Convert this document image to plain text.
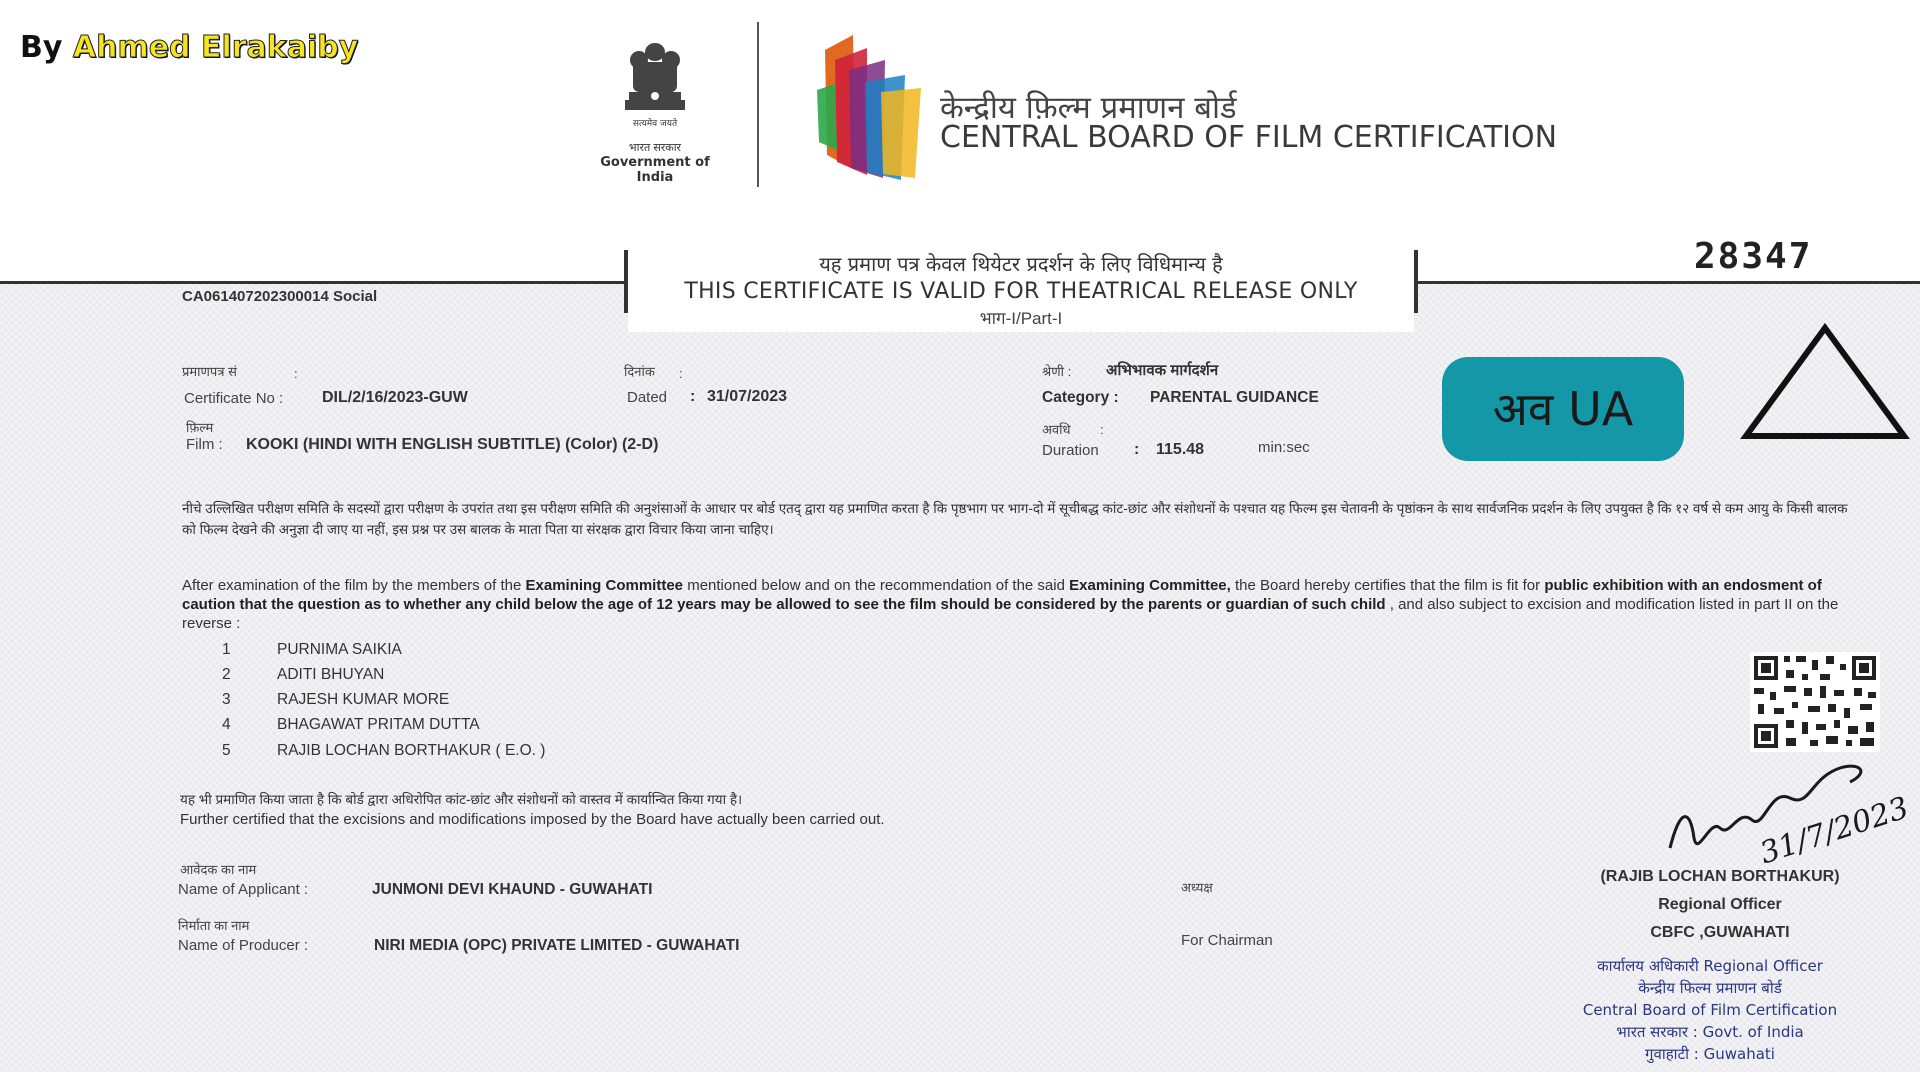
By Ahmed Elrakaiby
सत्यमेव जयते
भारत सरकार
Government of India
केन्द्रीय फ़िल्म प्रमाणन बोर्ड
CENTRAL BOARD OF FILM CERTIFICATION
यह प्रमाण पत्र केवल थियेटर प्रदर्शन के लिए विधिमान्य है
THIS CERTIFICATE IS VALID FOR THEATRICAL RELEASE ONLY
भाग-I/Part-I
28347
CA061407202300014 Social
प्रमाणपत्र सं	:
Certificate No : DIL/2/16/2023-GUW
दिनांक :
Dated : 31/07/2023
श्रेणी : अभिभावक मार्गदर्शन
Category : PARENTAL GUIDANCE
फ़िल्म
Film : KOOKI (HINDI WITH ENGLISH SUBTITLE) (Color) (2-D)
अवधि :
Duration : 115.48	min:sec
अव UA
नीचे उल्लिखित परीक्षण समिति के सदस्यों द्वारा परीक्षण के उपरांत तथा इस परीक्षण समिति की अनुशंसाओं के आधार पर बोर्ड एतद् द्वारा यह प्रमाणित करता है कि पृष्ठभाग पर भाग-दो में सूचीबद्ध कांट-छांट और संशोधनों के पश्चात यह फिल्म इस चेतावनी के पृष्ठांकन के साथ सार्वजनिक प्रदर्शन के लिए उपयुक्त है कि १२ वर्ष से कम आयु के किसी बालक को फिल्म देखने की अनुज्ञा दी जाए या नहीं, इस प्रश्न पर उस बालक के माता पिता या संरक्षक द्वारा विचार किया जाना चाहिए।
After examination of the film by the members of the Examining Committee mentioned below and on the recommendation of the said Examining Committee, the Board hereby certifies that the film is fit for public exhibition with an endosment of caution that the question as to whether any child below the age of 12 years may be allowed to see the film should be considered by the parents or guardian of such child , and also subject to excision and modification listed in part II on the reverse :
1	PURNIMA SAIKIA
2	ADITI BHUYAN
3	RAJESH KUMAR MORE
4	BHAGAWAT PRITAM DUTTA
5	RAJIB LOCHAN BORTHAKUR ( E.O. )
यह भी प्रमाणित किया जाता है कि बोर्ड द्वारा अधिरोपित कांट-छांट और संशोधनों को वास्तव में कार्यान्वित किया गया है।
Further certified that the excisions and modifications imposed by the Board have actually been carried out.
आवेदक का नाम
Name of Applicant :	JUNMONI DEVI KHAUND - GUWAHATI
निर्माता का नाम
Name of Producer :	NIRI MEDIA (OPC) PRIVATE LIMITED - GUWAHATI
अध्यक्ष
For Chairman
31/7/2023
(RAJIB LOCHAN BORTHAKUR)
Regional Officer
CBFC ,GUWAHATI
कार्यालय अधिकारी Regional Officer
केन्द्रीय फिल्म प्रमाणन बोर्ड
Central Board of Film Certification
भारत सरकार : Govt. of India
गुवाहाटी : Guwahati
